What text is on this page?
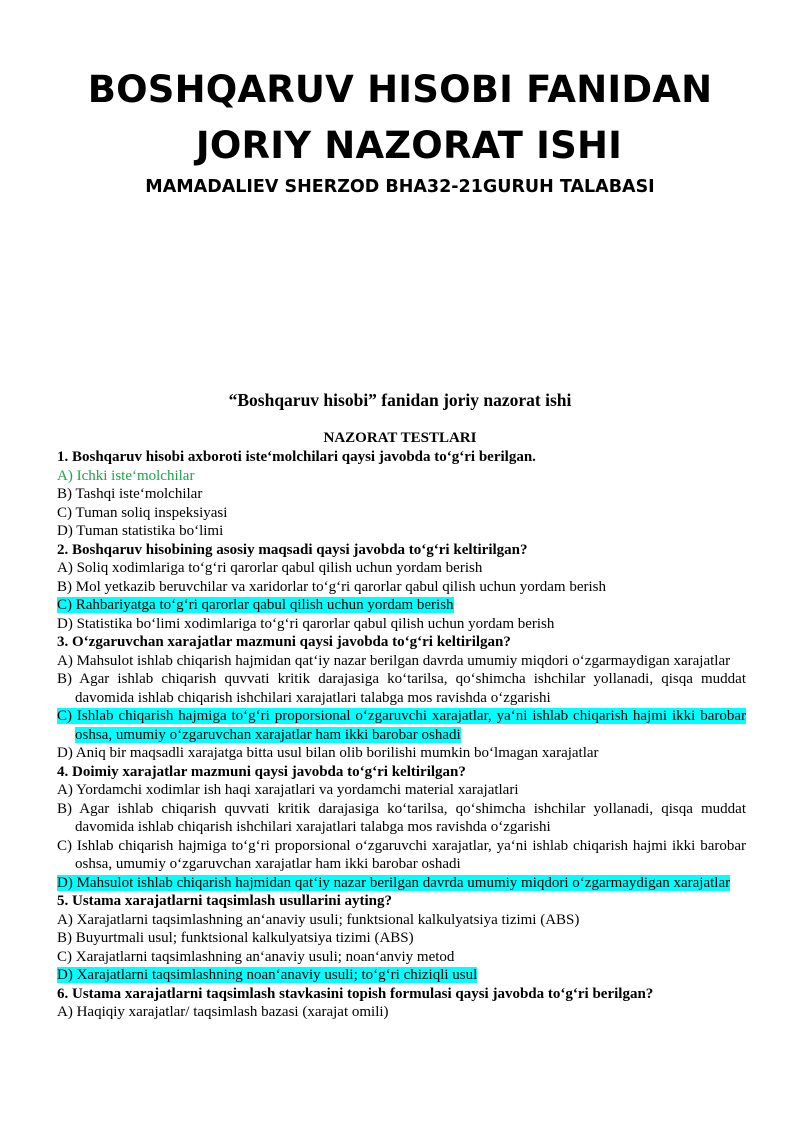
BOSHQARUV HISOBI FANIDAN
JORIY NAZORAT ISHI
MAMADALIEV SHERZOD BHA32-21GURUH TALABASI
“Boshqaruv hisobi” fanidan joriy nazorat ishi
NAZORAT TESTLARI
1. Boshqaruv hisobi axboroti iste‘molchilari qaysi javobda to‘g‘ri berilgan.
A) Ichki iste‘molchilar
B) Tashqi iste‘molchilar
C) Tuman soliq inspeksiyasi
D) Tuman statistika bo‘limi
2. Boshqaruv hisobining asosiy maqsadi qaysi javobda to‘g‘ri keltirilgan?
A) Soliq xodimlariga to‘g‘ri qarorlar qabul qilish uchun yordam berish
B) Mol yetkazib beruvchilar va xaridorlar to‘g‘ri qarorlar qabul qilish uchun yordam berish
C) Rahbariyatga to‘g‘ri qarorlar qabul qilish uchun yordam berish
D) Statistika bo‘limi xodimlariga to‘g‘ri qarorlar qabul qilish uchun yordam berish
3. O‘zgaruvchan xarajatlar mazmuni qaysi javobda to‘g‘ri keltirilgan?
A) Mahsulot ishlab chiqarish hajmidan qat‘iy nazar berilgan davrda umumiy miqdori o‘zgarmaydigan xarajatlar
B) Agar ishlab chiqarish quvvati kritik darajasiga ko‘tarilsa, qo‘shimcha ishchilar yollanadi, qisqa muddat davomida ishlab chiqarish ishchilari xarajatlari talabga mos ravishda o‘zgarishi
C) Ishlab chiqarish hajmiga to‘g‘ri proporsional o‘zgaruvchi xarajatlar, ya‘ni ishlab chiqarish hajmi ikki barobar oshsa, umumiy o‘zgaruvchan xarajatlar ham ikki barobar oshadi
D) Aniq bir maqsadli xarajatga bitta usul bilan olib borilishi mumkin bo‘lmagan xarajatlar
4. Doimiy xarajatlar mazmuni qaysi javobda to‘g‘ri keltirilgan?
A) Yordamchi xodimlar ish haqi xarajatlari va yordamchi material xarajatlari
B) Agar ishlab chiqarish quvvati kritik darajasiga ko‘tarilsa, qo‘shimcha ishchilar yollanadi, qisqa muddat davomida ishlab chiqarish ishchilari xarajatlari talabga mos ravishda o‘zgarishi
C) Ishlab chiqarish hajmiga to‘g‘ri proporsional o‘zgaruvchi xarajatlar, ya‘ni ishlab chiqarish hajmi ikki barobar oshsa, umumiy o‘zgaruvchan xarajatlar ham ikki barobar oshadi
D) Mahsulot ishlab chiqarish hajmidan qat‘iy nazar berilgan davrda umumiy miqdori o‘zgarmaydigan xarajatlar
5. Ustama xarajatlarni taqsimlash usullarini ayting?
A) Xarajatlarni taqsimlashning an‘anaviy usuli; funktsional kalkulyatsiya tizimi (ABS)
B) Buyurtmali usul; funktsional kalkulyatsiya tizimi (ABS)
C) Xarajatlarni taqsimlashning an‘anaviy usuli; noan‘anviy metod
D) Xarajatlarni taqsimlashning noan‘anaviy usuli; to‘g‘ri chiziqli usul
6. Ustama xarajatlarni taqsimlash stavkasini topish formulasi qaysi javobda to‘g‘ri berilgan?
A) Haqiqiy xarajatlar/ taqsimlash bazasi (xarajat omili)
